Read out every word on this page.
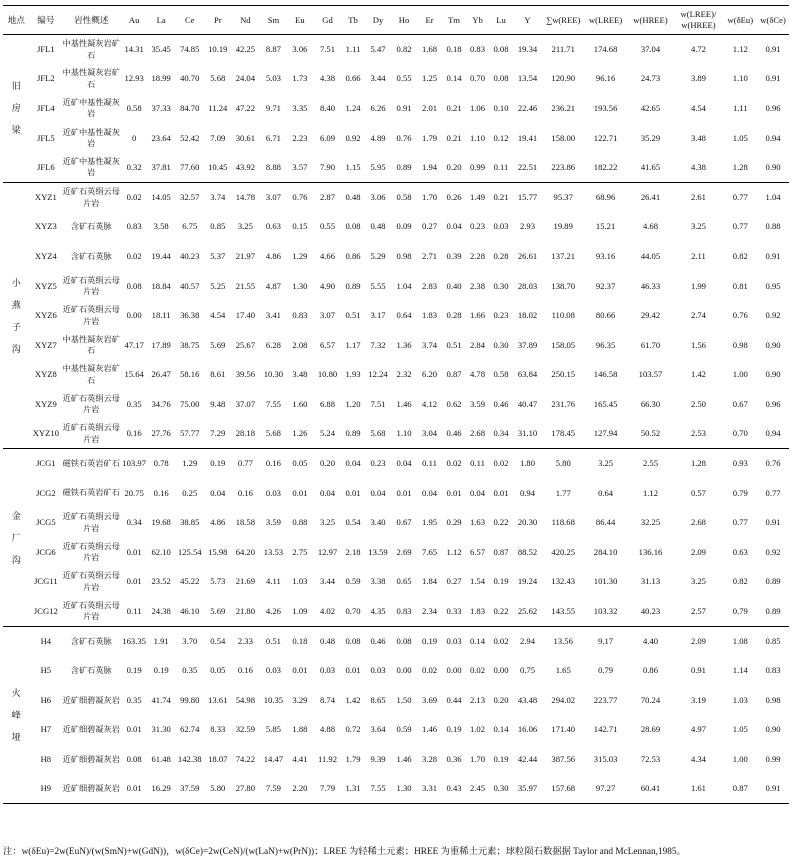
地点	编号	岩性概述	Au	La	Ce	Pr	Nd	Sm	Eu	Gd	Tb	Dy	Ho	Er	Tm	Yb	Lu	Y	∑w(REE)	w(LREE)	w(HREE)	w(LREE)/
w(HREE)	w(δEu)	w(δCe)
旧
房
梁	JFL1	中基性凝灰岩矿石	14.31	35.45	74.85	10.19	42.25	8.87	3.06	7.51	1.11	5.47	0.82	1.68	0.18	0.83	0.08	19.34	211.71	174.68	37.04	4.72	1.12	0.91
	JFL2	中基性凝灰岩矿石	12.93	18.99	40.70	5.68	24.04	5.03	1.73	4.38	0.66	3.44	0.55	1.25	0.14	0.70	0.08	13.54	120.90	96.16	24.73	3.89	1.10	0.91
	JFL4	近矿中基性凝灰岩	0.58	37.33	84.70	11.24	47.22	9.71	3.35	8.40	1.24	6.26	0.91	2.01	0.21	1.06	0.10	22.46	236.21	193.56	42.65	4.54	1.11	0.96
	JFL5	近矿中基性凝灰岩	0	23.64	52.42	7.09	30.61	6.71	2.23	6.09	0.92	4.89	0.76	1.79	0.21	1.10	0.12	19.41	158.00	122.71	35.29	3.48	1.05	0.94
	JFL6	近矿中基性凝灰岩	0.32	37.81	77.60	10.45	43.92	8.88	3.57	7.90	1.15	5.95	0.89	1.94	0.20	0.99	0.11	22.51	223.86	182.22	41.65	4.38	1.28	0.90
小
燕
子
沟	XYZ1	近矿石英绢云母片岩	0.02	14.05	32.57	3.74	14.78	3.07	0.76	2.87	0.48	3.06	0.58	1.70	0.26	1.49	0.21	15.77	95.37	68.96	26.41	2.61	0.77	1.04
	XYZ3	含矿石英脉	0.83	3.58	6.75	0.85	3.25	0.63	0.15	0.55	0.08	0.48	0.09	0.27	0.04	0.23	0.03	2.93	19.89	15.21	4.68	3.25	0.77	0.88
	XYZ4	含矿石英脉	0.02	19.44	40.23	5.37	21.97	4.86	1.29	4.66	0.86	5.29	0.98	2.71	0.39	2.28	0.28	26.61	137.21	93.16	44.05	2.11	0.82	0.91
	XYZ5	近矿石英绢云母片岩	0.08	18.84	40.57	5.25	21.55	4.87	1.30	4.90	0.89	5.55	1.04	2.83	0.40	2.38	0.30	28.03	138.70	92.37	46.33	1.99	0.81	0.95
	XYZ6	近矿石英绢云母片岩	0.00	18.11	36.38	4.54	17.40	3.41	0.83	3.07	0.51	3.17	0.64	1.83	0.28	1.66	0.23	18.02	110.08	80.66	29.42	2.74	0.76	0.92
	XYZ7	中基性凝灰岩矿石	47.17	17.89	38.75	5.69	25.67	6.28	2.08	6.57	1.17	7.32	1.36	3.74	0.51	2.84	0.30	37.89	158.05	96.35	61.70	1.56	0.98	0.90
	XYZ8	中基性凝灰岩矿石	15.64	26.47	58.16	8.61	39.56	10.30	3.48	10.80	1.93	12.24	2.32	6.20	0.87	4.78	0.58	63.84	250.15	146.58	103.57	1.42	1.00	0.90
	XYZ9	近矿石英绢云母片岩	0.35	34.76	75.00	9.48	37.07	7.55	1.60	6.88	1.20	7.51	1.46	4.12	0.62	3.59	0.46	40.47	231.76	165.45	66.30	2.50	0.67	0.96
	XYZ10	近矿石英绢云母片岩	0.16	27.76	57.77	7.29	28.18	5.68	1.26	5.24	0.89	5.68	1.10	3.04	0.46	2.68	0.34	31.10	178.45	127.94	50.52	2.53	0.70	0.94
金
厂
沟	JCG1	磁铁石英岩矿石	103.97	0.78	1.29	0.19	0.77	0.16	0.05	0.20	0.04	0.23	0.04	0.11	0.02	0.11	0.02	1.80	5.80	3.25	2.55	1.28	0.93	0.76
	JCG2	磁铁石英岩矿石	20.75	0.16	0.25	0.04	0.16	0.03	0.01	0.04	0.01	0.04	0.01	0.04	0.01	0.04	0.01	0.94	1.77	0.64	1.12	0.57	0.79	0.77
	JCG5	近矿石英绢云母片岩	0.34	19.68	38.85	4.86	18.58	3.59	0.88	3.25	0.54	3.40	0.67	1.95	0.29	1.63	0.22	20.30	118.68	86.44	32.25	2.68	0.77	0.91
	JCG6	近矿石英绢云母片岩	0.01	62.10	125.54	15.98	64.20	13.53	2.75	12.97	2.18	13.59	2.69	7.65	1.12	6.57	0.87	88.52	420.25	284.10	136.16	2.09	0.63	0.92
	JCG11	近矿石英绢云母片岩	0.01	23.52	45.22	5.73	21.69	4.11	1.03	3.44	0.59	3.38	0.65	1.84	0.27	1.54	0.19	19.24	132.43	101.30	31.13	3.25	0.82	0.89
	JCG12	近矿石英绢云母片岩	0.11	24.38	46.10	5.69	21.80	4.26	1.09	4.02	0.70	4.35	0.83	2.34	0.33	1.83	0.22	25.62	143.55	103.32	40.23	2.57	0.79	0.89
火
峰
垭	H4	含矿石英脉	163.35	1.91	3.70	0.54	2.33	0.51	0.18	0.48	0.08	0.46	0.08	0.19	0.03	0.14	0.02	2.94	13.56	9.17	4.40	2.09	1.08	0.85
	H5	含矿石英脉	0.19	0.19	0.35	0.05	0.16	0.03	0.01	0.03	0.01	0.03	0.00	0.02	0.00	0.02	0.00	0.75	1.65	0.79	0.86	0.91	1.14	0.83
	H6	近矿细碧凝灰岩	0.35	41.74	99.80	13.61	54.98	10.35	3.29	8.74	1.42	8.65	1.50	3.69	0.44	2.13	0.20	43.48	294.02	223.77	70.24	3.19	1.03	0.98
	H7	近矿细碧凝灰岩	0.01	31.30	62.74	8.33	32.59	5.85	1.88	4.88	0.72	3.64	0.59	1.46	0.19	1.02	0.14	16.06	171.40	142.71	28.69	4.97	1.05	0.90
	H8	近矿细碧凝灰岩	0.08	61.48	142.38	18.07	74.22	14.47	4.41	11.92	1.79	9.39	1.46	3.28	0.36	1.70	0.19	42.44	387.56	315.03	72.53	4.34	1.00	0.99
	H9	近矿细碧凝灰岩	0.01	16.29	37.59	5.80	27.80	7.59	2.20	7.79	1.31	7.55	1.30	3.31	0.43	2.45	0.30	35.97	157.68	97.27	60.41	1.61	0.87	0.91
注：w(δEu)=2w(EuN)/(w(SmN)+w(GdN))，w(δCe)=2w(CeN)/(w(LaN)+w(PrN))；LREE 为轻稀土元素；HREE 为重稀土元素；球粒陨石数据据 Taylor and McLennan,1985。
